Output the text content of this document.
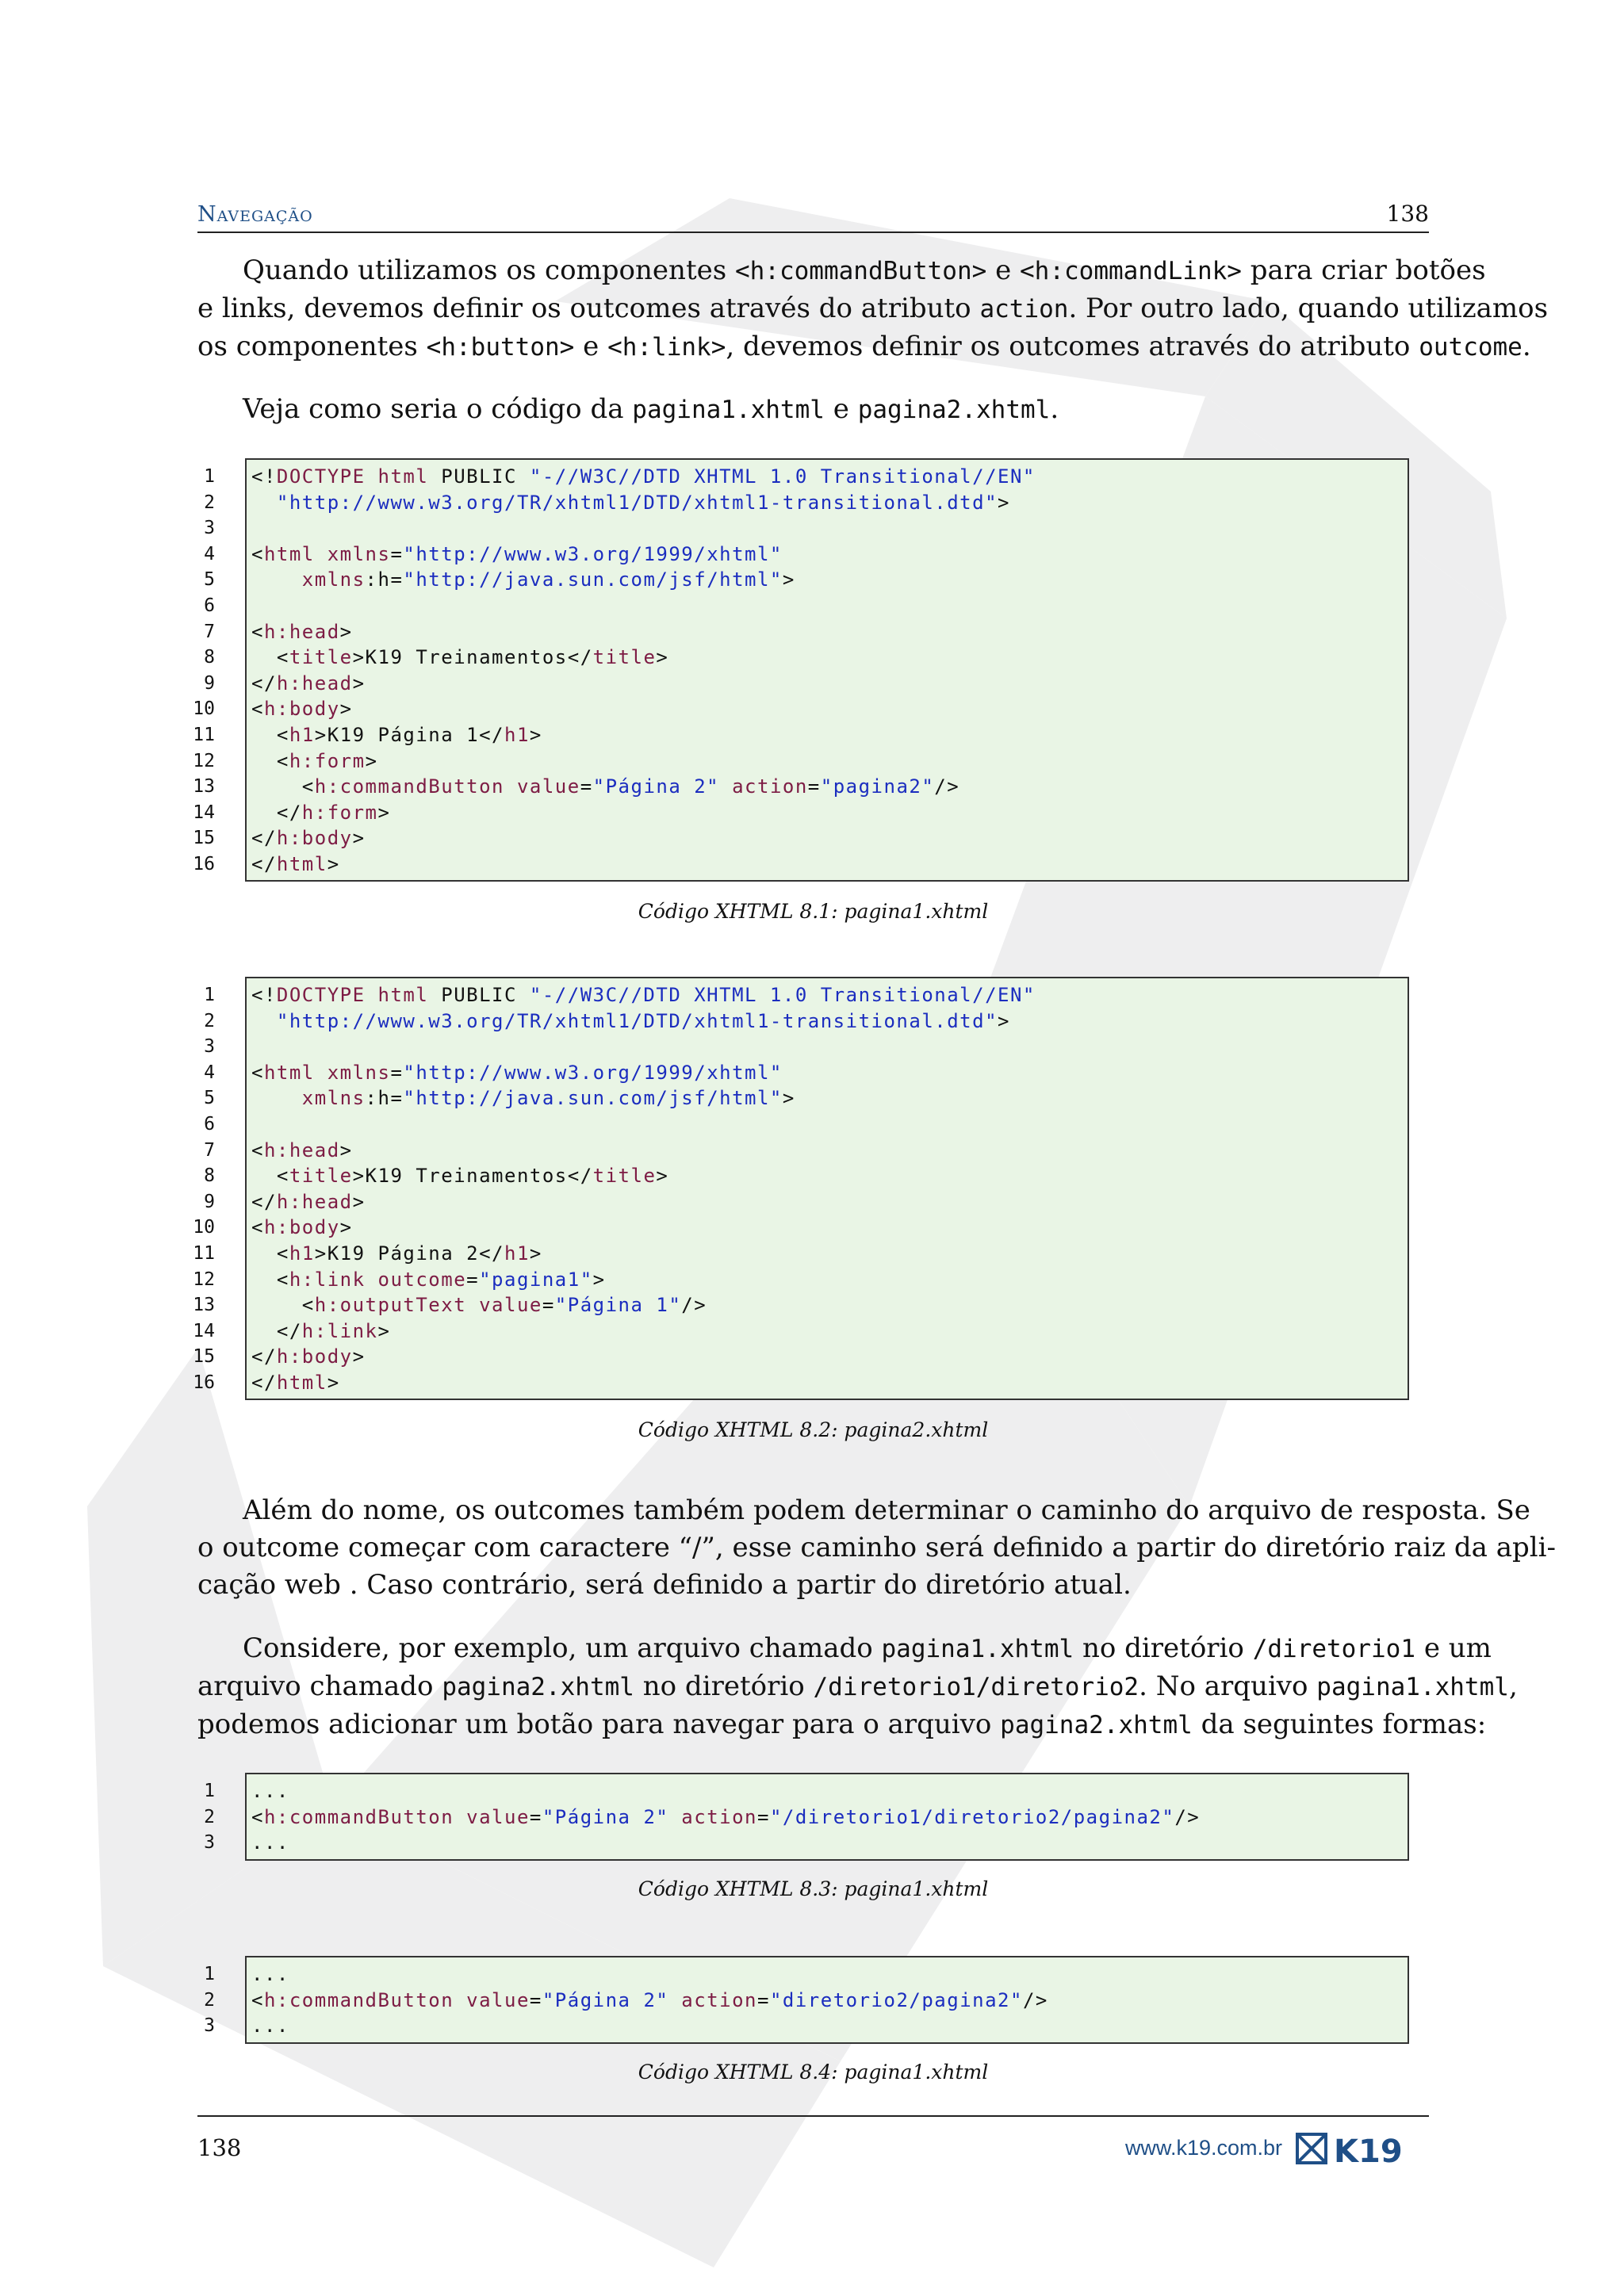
Navegação	138
Quando utilizamos os componentes <h:commandButton> e <h:commandLink> para criar botões
e links, devemos definir os outcomes através do atributo action. Por outro lado, quando utilizamos
os componentes <h:button> e <h:link>, devemos definir os outcomes através do atributo outcome.
Veja como seria o código da pagina1.xhtml e pagina2.xhtml.
1
2
3
4
5
6
7
8
9
10
11
12
13
14
15
16
<!DOCTYPE html PUBLIC "-//W3C//DTD XHTML 1.0 Transitional//EN"
"http://www.w3.org/TR/xhtml1/DTD/xhtml1-transitional.dtd">

<html xmlns="http://www.w3.org/1999/xhtml"
xmlns:h="http://java.sun.com/jsf/html">

<h:head>
<title>K19 Treinamentos</title>
</h:head>
<h:body>
<h1>K19 Página 1</h1>
<h:form>
<h:commandButton value="Página 2" action="pagina2"/>
</h:form>
</h:body>
</html>
Código XHTML 8.1: pagina1.xhtml
1
2
3
4
5
6
7
8
9
10
11
12
13
14
15
16
<!DOCTYPE html PUBLIC "-//W3C//DTD XHTML 1.0 Transitional//EN"
"http://www.w3.org/TR/xhtml1/DTD/xhtml1-transitional.dtd">

<html xmlns="http://www.w3.org/1999/xhtml"
xmlns:h="http://java.sun.com/jsf/html">

<h:head>
<title>K19 Treinamentos</title>
</h:head>
<h:body>
<h1>K19 Página 2</h1>
<h:link outcome="pagina1">
<h:outputText value="Página 1"/>
</h:link>
</h:body>
</html>
Código XHTML 8.2: pagina2.xhtml
Além do nome, os outcomes também podem determinar o caminho do arquivo de resposta. Se
o outcome começar com caractere “/”, esse caminho será definido a partir do diretório raiz da apli-
cação web . Caso contrário, será definido a partir do diretório atual.
Considere, por exemplo, um arquivo chamado pagina1.xhtml no diretório /diretorio1 e um
arquivo chamado pagina2.xhtml no diretório /diretorio1/diretorio2. No arquivo pagina1.xhtml,
podemos adicionar um botão para navegar para o arquivo pagina2.xhtml da seguintes formas:
1
2
3
...
<h:commandButton value="Página 2" action="/diretorio1/diretorio2/pagina2"/>
...
Código XHTML 8.3: pagina1.xhtml
1
2
3
...
<h:commandButton value="Página 2" action="diretorio2/pagina2"/>
...
Código XHTML 8.4: pagina1.xhtml
138	www.k19.com.br K19
